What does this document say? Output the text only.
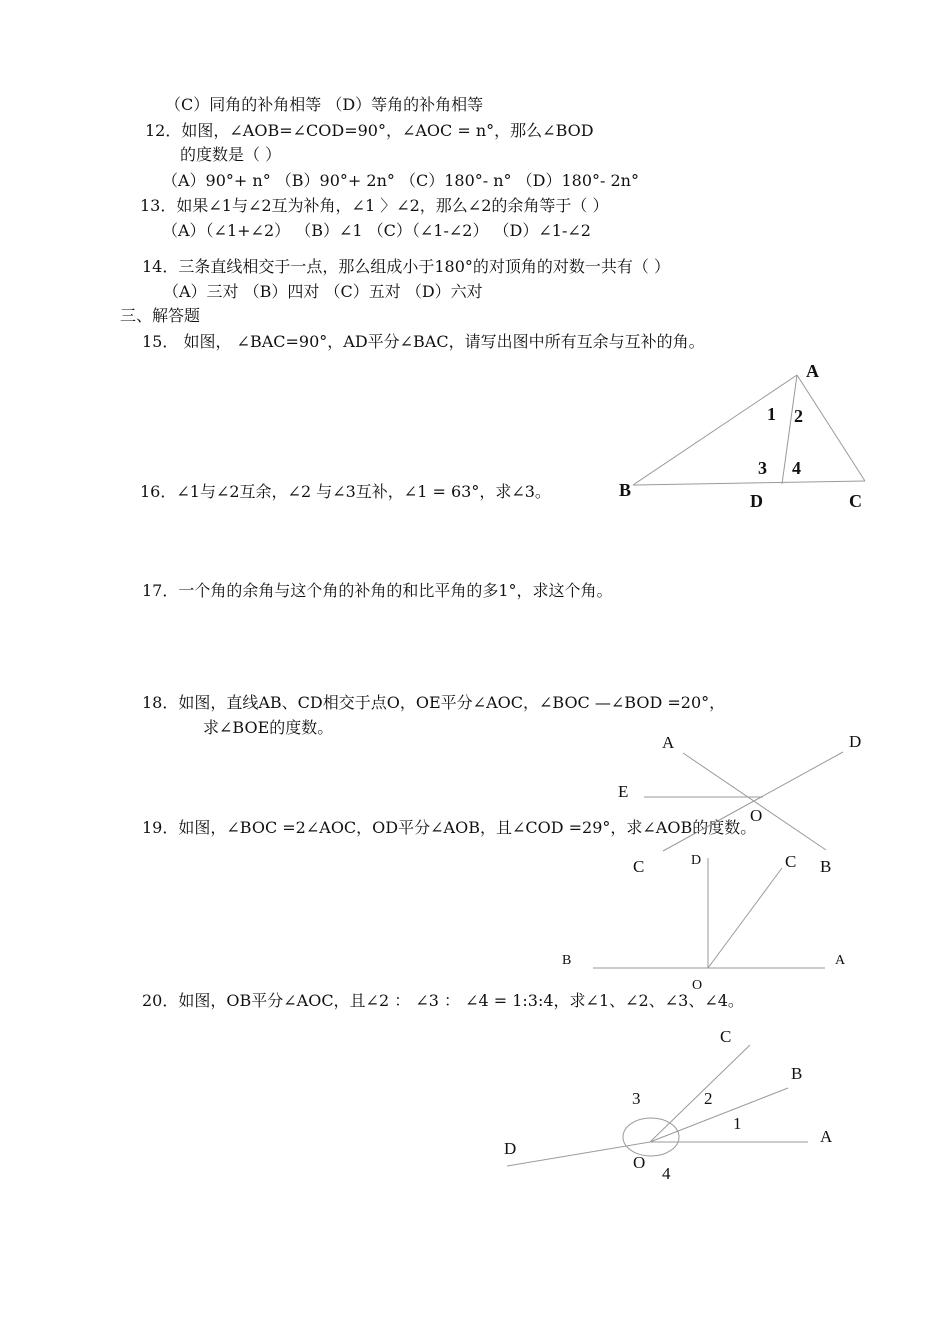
（C）同角的补角相等 （D）等角的补角相等
12．如图，∠AOB=∠COD=90°，∠AOC = n°，那么∠BOD
的度数是（ ）
（A）90°+ n° （B）90°+ 2n° （C）180°- n° （D）180°- 2n°
13．如果∠1与∠2互为补角，∠1 〉∠2，那么∠2的余角等于（ ）
（A）（∠1+∠2） （B）∠1 （C）（∠1-∠2） （D）∠1-∠2
14．三条直线相交于一点，那么组成小于180°的对顶角的对数一共有（ ）
（A）三对 （B）四对 （C）五对 （D）六对
三、解答题
15． 如图， ∠BAC=90°，AD平分∠BAC，请写出图中所有互余与互补的角。
16．∠1与∠2互余，∠2 与∠3互补，∠1 = 63°，求∠3。
17．一个角的余角与这个角的补角的和比平角的多1°，求这个角。
18．如图，直线AB、CD相交于点O，OE平分∠AOC，∠BOC —∠BOD =20°，
求∠BOE的度数。
19．如图，∠BOC =2∠AOC，OD平分∠AOB，且∠COD =29°，求∠AOB的度数。
20．如图，OB平分∠AOC，且∠2 ： ∠3 ： ∠4 = 1:3:4，求∠1、∠2、∠3、∠4。
A
B
C
D
1 2
3 4
A
B
C
D
E
O
A
B
C
D
O
A
B
C
D
O
1
2
3
4
